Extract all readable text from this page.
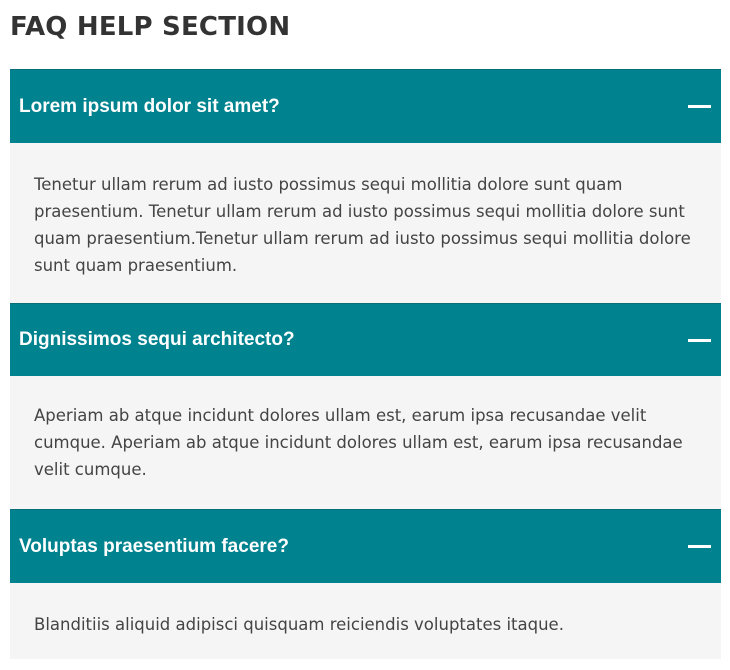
FAQ HELP SECTION
Lorem ipsum dolor sit amet?

Tenetur ullam rerum ad iusto possimus sequi mollitia dolore sunt quam praesentium. Tenetur ullam rerum ad iusto possimus sequi mollitia dolore sunt quam praesentium.Tenetur ullam rerum ad iusto possimus sequi mollitia dolore sunt quam praesentium.

Dignissimos sequi architecto?

Aperiam ab atque incidunt dolores ullam est, earum ipsa recusandae velit cumque. Aperiam ab atque incidunt dolores ullam est, earum ipsa recusandae velit cumque.

Voluptas praesentium facere?

Blanditiis aliquid adipisci quisquam reiciendis voluptates itaque.
